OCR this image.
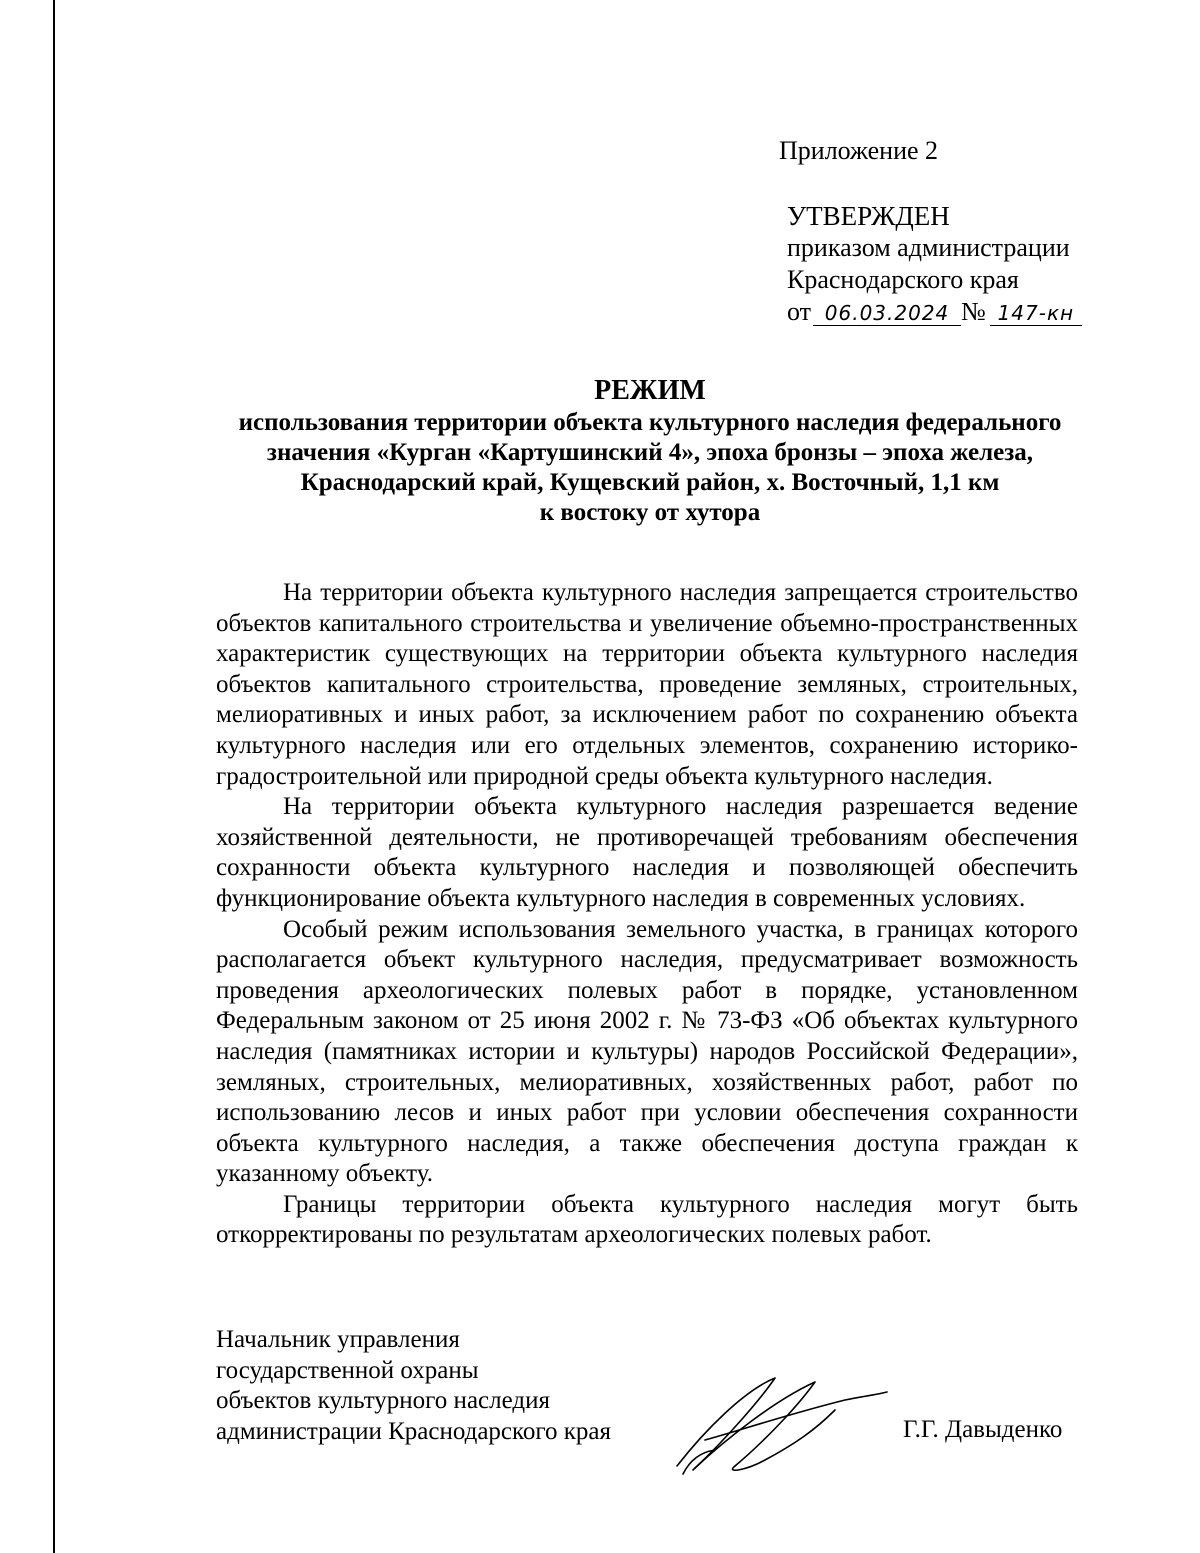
Приложение 2
УТВЕРЖДЕН
приказом администрации
Краснодарского края
от 06.03.2024 № 147-кн
РЕЖИМ
использования территории объекта культурного наследия федерального
значения «Курган «Картушинский 4», эпоха бронзы – эпоха железа,
Краснодарский край, Кущевский район, х. Восточный, 1,1 км
к востоку от хутора

На территории объекта культурного наследия запрещается строительство объектов капитального строительства и увеличение объемно-пространственных характеристик существующих на территории объекта культурного наследия объектов капитального строительства, проведение земляных, строительных, мелиоративных и иных работ, за исключением работ по сохранению объекта культурного наследия или его отдельных элементов, сохранению историко-градостроительной или природной среды объекта культурного наследия.

На территории объекта культурного наследия разрешается ведение хозяйственной деятельности, не противоречащей требованиям обеспечения сохранности объекта культурного наследия и позволяющей обеспечить функционирование объекта культурного наследия в современных условиях.

Особый режим использования земельного участка, в границах которого располагается объект культурного наследия, предусматривает возможность проведения археологических полевых работ в порядке, установленном Федеральным законом от 25 июня 2002 г. № 73-ФЗ «Об объектах культурного наследия (памятниках истории и культуры) народов Российской Федерации», земляных, строительных, мелиоративных, хозяйственных работ, работ по использованию лесов и иных работ при условии обеспечения сохранности объекта культурного наследия, а также обеспечения доступа граждан к указанному объекту.

Границы территории объекта культурного наследия могут быть откорректированы по результатам археологических полевых работ.

Начальник управления
государственной охраны
объектов культурного наследия
администрации Краснодарского края	Г.Г. Давыденко
